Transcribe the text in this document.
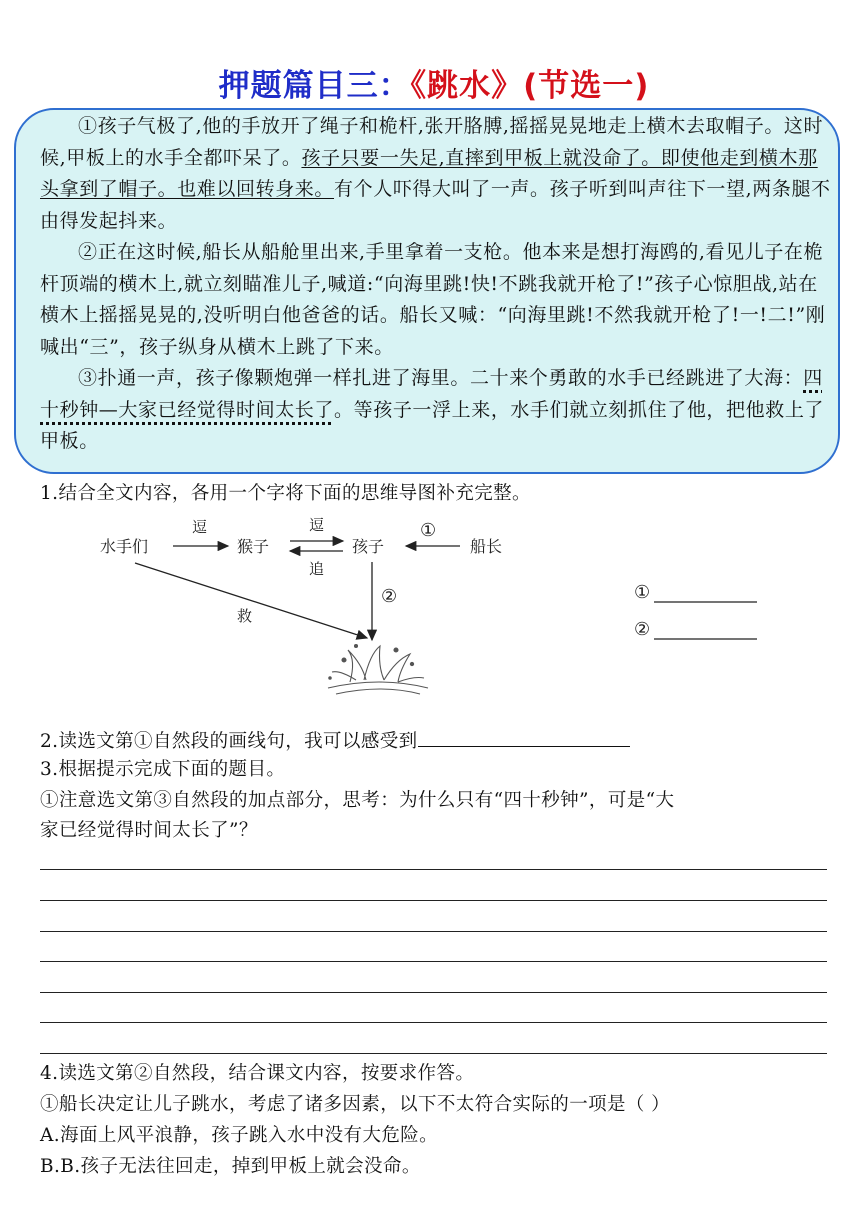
押题篇目三：《跳水》(节选一)

①孩子气极了,他的手放开了绳子和桅杆,张开胳膊,摇摇晃晃地走上横木去取帽子。这时候,甲板上的水手全都吓呆了。孩子只要一失足,直摔到甲板上就没命了。即使他走到横木那头拿到了帽子。也难以回转身来。有个人吓得大叫了一声。孩子听到叫声往下一望,两条腿不由得发起抖来。

②正在这时候,船长从船舱里出来,手里拿着一支枪。他本来是想打海鸥的,看见儿子在桅杆顶端的横木上,就立刻瞄准儿子,喊道:“向海里跳!快!不跳我就开枪了!”孩子心惊胆战,站在横木上摇摇晃晃的,没听明白他爸爸的话。船长又喊：“向海里跳!不然我就开枪了!一!二!”刚喊出“三”，孩子纵身从横木上跳了下来。

③扑通一声，孩子像颗炮弹一样扎进了海里。二十来个勇敢的水手已经跳进了大海：四十秒钟—大家已经觉得时间太长了。等孩子一浮上来，水手们就立刻抓住了他，把他救上了甲板。

1.结合全文内容，各用一个字将下面的思维导图补充完整。
水手们	猴子	孩子	船长
逗	逗
追
①
②
救
①
②
2.读选文第①自然段的画线句，我可以感受到
3.根据提示完成下面的题目。
①注意选文第③自然段的加点部分，思考：为什么只有“四十秒钟”，可是“大
家已经觉得时间太长了”？
4.读选文第②自然段，结合课文内容，按要求作答。
①船长决定让儿子跳水，考虑了诸多因素，以下不太符合实际的一项是（ ）
A.海面上风平浪静，孩子跳入水中没有大危险。
B.B.孩子无法往回走，掉到甲板上就会没命。
